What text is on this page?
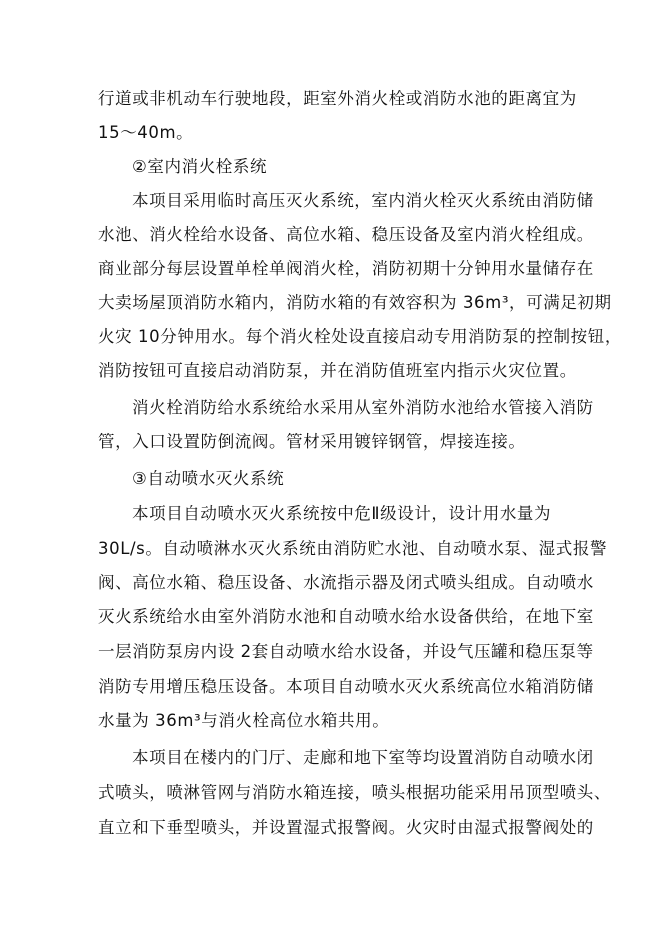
行道或非机动车行驶地段，距室外消火栓或消防水池的距离宜为
15～40m。
②室内消火栓系统
本项目采用临时高压灭火系统，室内消火栓灭火系统由消防储
水池、消火栓给水设备、高位水箱、稳压设备及室内消火栓组成。
商业部分每层设置单栓单阀消火栓，消防初期十分钟用水量储存在
大卖场屋顶消防水箱内，消防水箱的有效容积为 36m³，可满足初期
火灾 10分钟用水。每个消火栓处设直接启动专用消防泵的控制按钮，
消防按钮可直接启动消防泵，并在消防值班室内指示火灾位置。
消火栓消防给水系统给水采用从室外消防水池给水管接入消防
管，入口设置防倒流阀。管材采用镀锌钢管，焊接连接。
③自动喷水灭火系统
本项目自动喷水灭火系统按中危Ⅱ级设计，设计用水量为
30L/s。自动喷淋水灭火系统由消防贮水池、自动喷水泵、湿式报警
阀、高位水箱、稳压设备、水流指示器及闭式喷头组成。自动喷水
灭火系统给水由室外消防水池和自动喷水给水设备供给，在地下室
一层消防泵房内设 2套自动喷水给水设备，并设气压罐和稳压泵等
消防专用增压稳压设备。本项目自动喷水灭火系统高位水箱消防储
水量为 36m³与消火栓高位水箱共用。
本项目在楼内的门厅、走廊和地下室等均设置消防自动喷水闭
式喷头，喷淋管网与消防水箱连接，喷头根据功能采用吊顶型喷头、
直立和下垂型喷头，并设置湿式报警阀。火灾时由湿式报警阀处的
